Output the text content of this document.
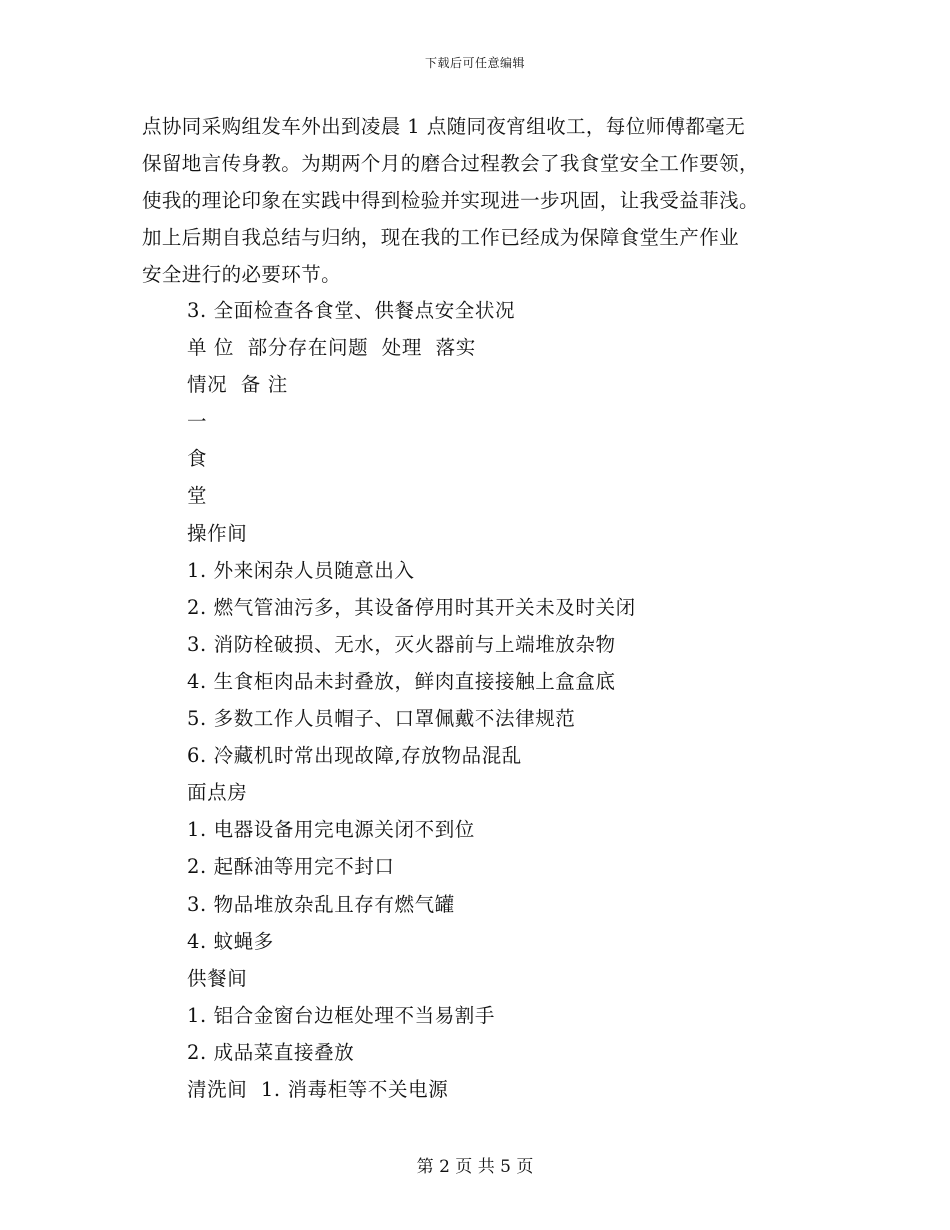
下载后可任意编辑
点协同采购组发车外出到凌晨 1 点随同夜宵组收工，每位师傅都毫无
保留地言传身教。为期两个月的磨合过程教会了我食堂安全工作要领，
使我的理论印象在实践中得到检验并实现进一步巩固，让我受益菲浅。
加上后期自我总结与归纳，现在我的工作已经成为保障食堂生产作业
安全进行的必要环节。
3. 全面检查各食堂、供餐点安全状况
单 位  部分存在问题  处理  落实
情况  备 注
一
食
堂
操作间
1. 外来闲杂人员随意出入
2. 燃气管油污多，其设备停用时其开关未及时关闭
3. 消防栓破损、无水，灭火器前与上端堆放杂物
4. 生食柜肉品未封叠放，鲜肉直接接触上盒盒底
5. 多数工作人员帽子、口罩佩戴不法律规范
6. 冷藏机时常出现故障,存放物品混乱
面点房
1. 电器设备用完电源关闭不到位
2. 起酥油等用完不封口
3. 物品堆放杂乱且存有燃气罐
4. 蚊蝇多
供餐间
1. 铝合金窗台边框处理不当易割手
2. 成品菜直接叠放
清洗间  1. 消毒柜等不关电源
第 2 页 共 5 页
